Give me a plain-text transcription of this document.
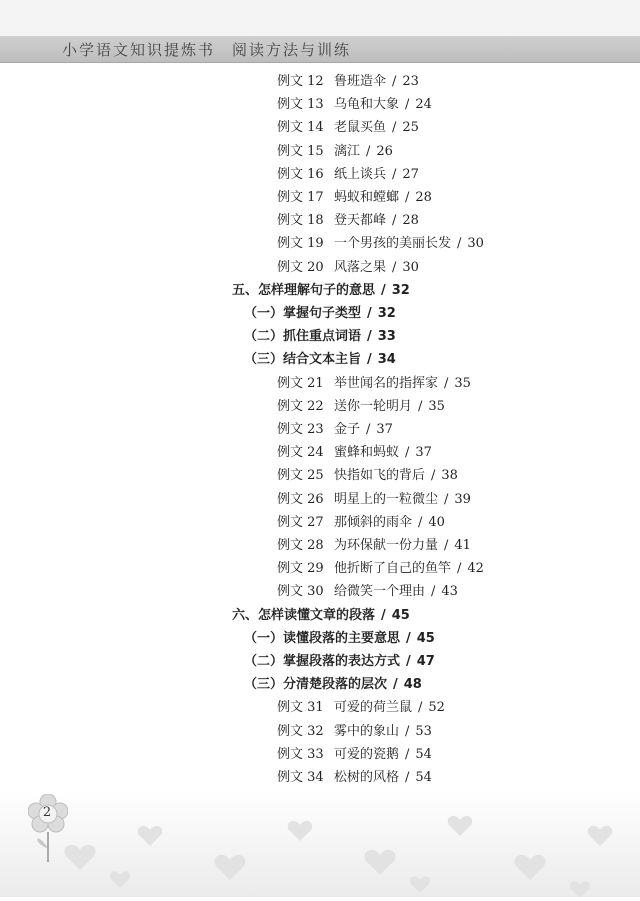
小学语文知识提炼书　阅读方法与训练
例文 12 鲁班造伞 / 23
例文 13 乌龟和大象 / 24
例文 14 老鼠买鱼 / 25
例文 15 漓江 / 26
例文 16 纸上谈兵 / 27
例文 17 蚂蚁和螳螂 / 28
例文 18 登天都峰 / 28
例文 19 一个男孩的美丽长发 / 30
例文 20 风落之果 / 30
五、怎样理解句子的意思 / 32
（一）掌握句子类型 / 32
（二）抓住重点词语 / 33
（三）结合文本主旨 / 34
例文 21 举世闻名的指挥家 / 35
例文 22 送你一轮明月 / 35
例文 23 金子 / 37
例文 24 蜜蜂和蚂蚁 / 37
例文 25 快指如飞的背后 / 38
例文 26 明星上的一粒微尘 / 39
例文 27 那倾斜的雨伞 / 40
例文 28 为环保献一份力量 / 41
例文 29 他折断了自己的鱼竿 / 42
例文 30 给微笑一个理由 / 43
六、怎样读懂文章的段落 / 45
（一）读懂段落的主要意思 / 45
（二）掌握段落的表达方式 / 47
（三）分清楚段落的层次 / 48
例文 31 可爱的荷兰鼠 / 52
例文 32 雾中的象山 / 53
例文 33 可爱的瓷鹅 / 54
例文 34 松树的风格 / 54
2
